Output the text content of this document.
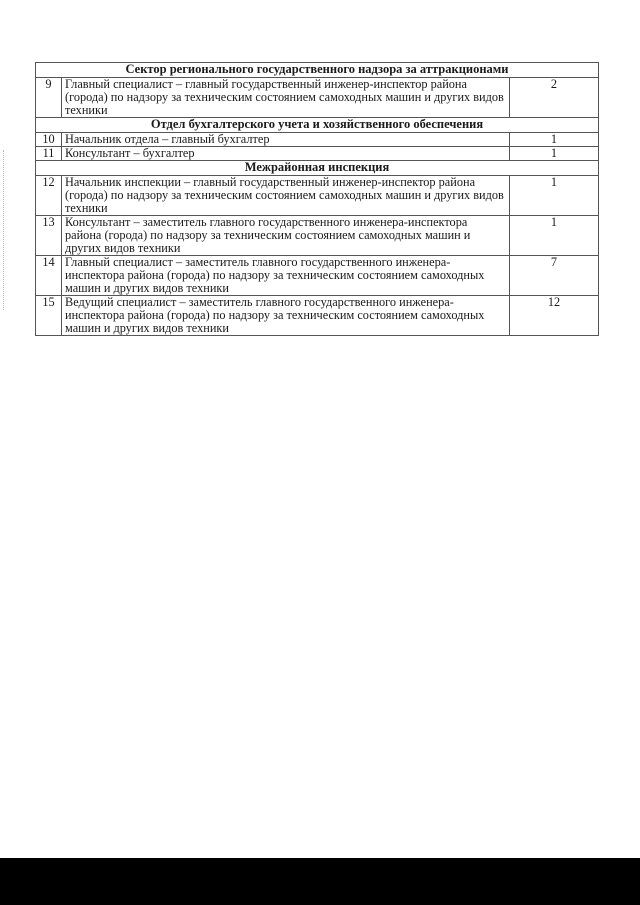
Сектор регионального государственного надзора за аттракционами		
9	Главный специалист – главный государственный инженер-инспектор района (города) по надзору за техническим состоянием самоходных машин и других видов техники	2
Отдел бухгалтерского учета и хозяйственного обеспечения		
10	Начальник отдела – главный бухгалтер	1
11	Консультант – бухгалтер	1
Межрайонная инспекция		
12	Начальник инспекции – главный государственный инженер-инспектор района (города) по надзору за техническим состоянием самоходных машин и других видов техники	1
13	Консультант – заместитель главного государственного инженера-инспектора района (города) по надзору за техническим состоянием самоходных машин и других видов техники	1
14	Главный специалист – заместитель главного государственного инженера-инспектора района (города) по надзору за техническим состоянием самоходных машин и других видов техники	7
15	Ведущий специалист – заместитель главного государственного инженера-инспектора района (города) по надзору за техническим состоянием самоходных машин и других видов техники	12
